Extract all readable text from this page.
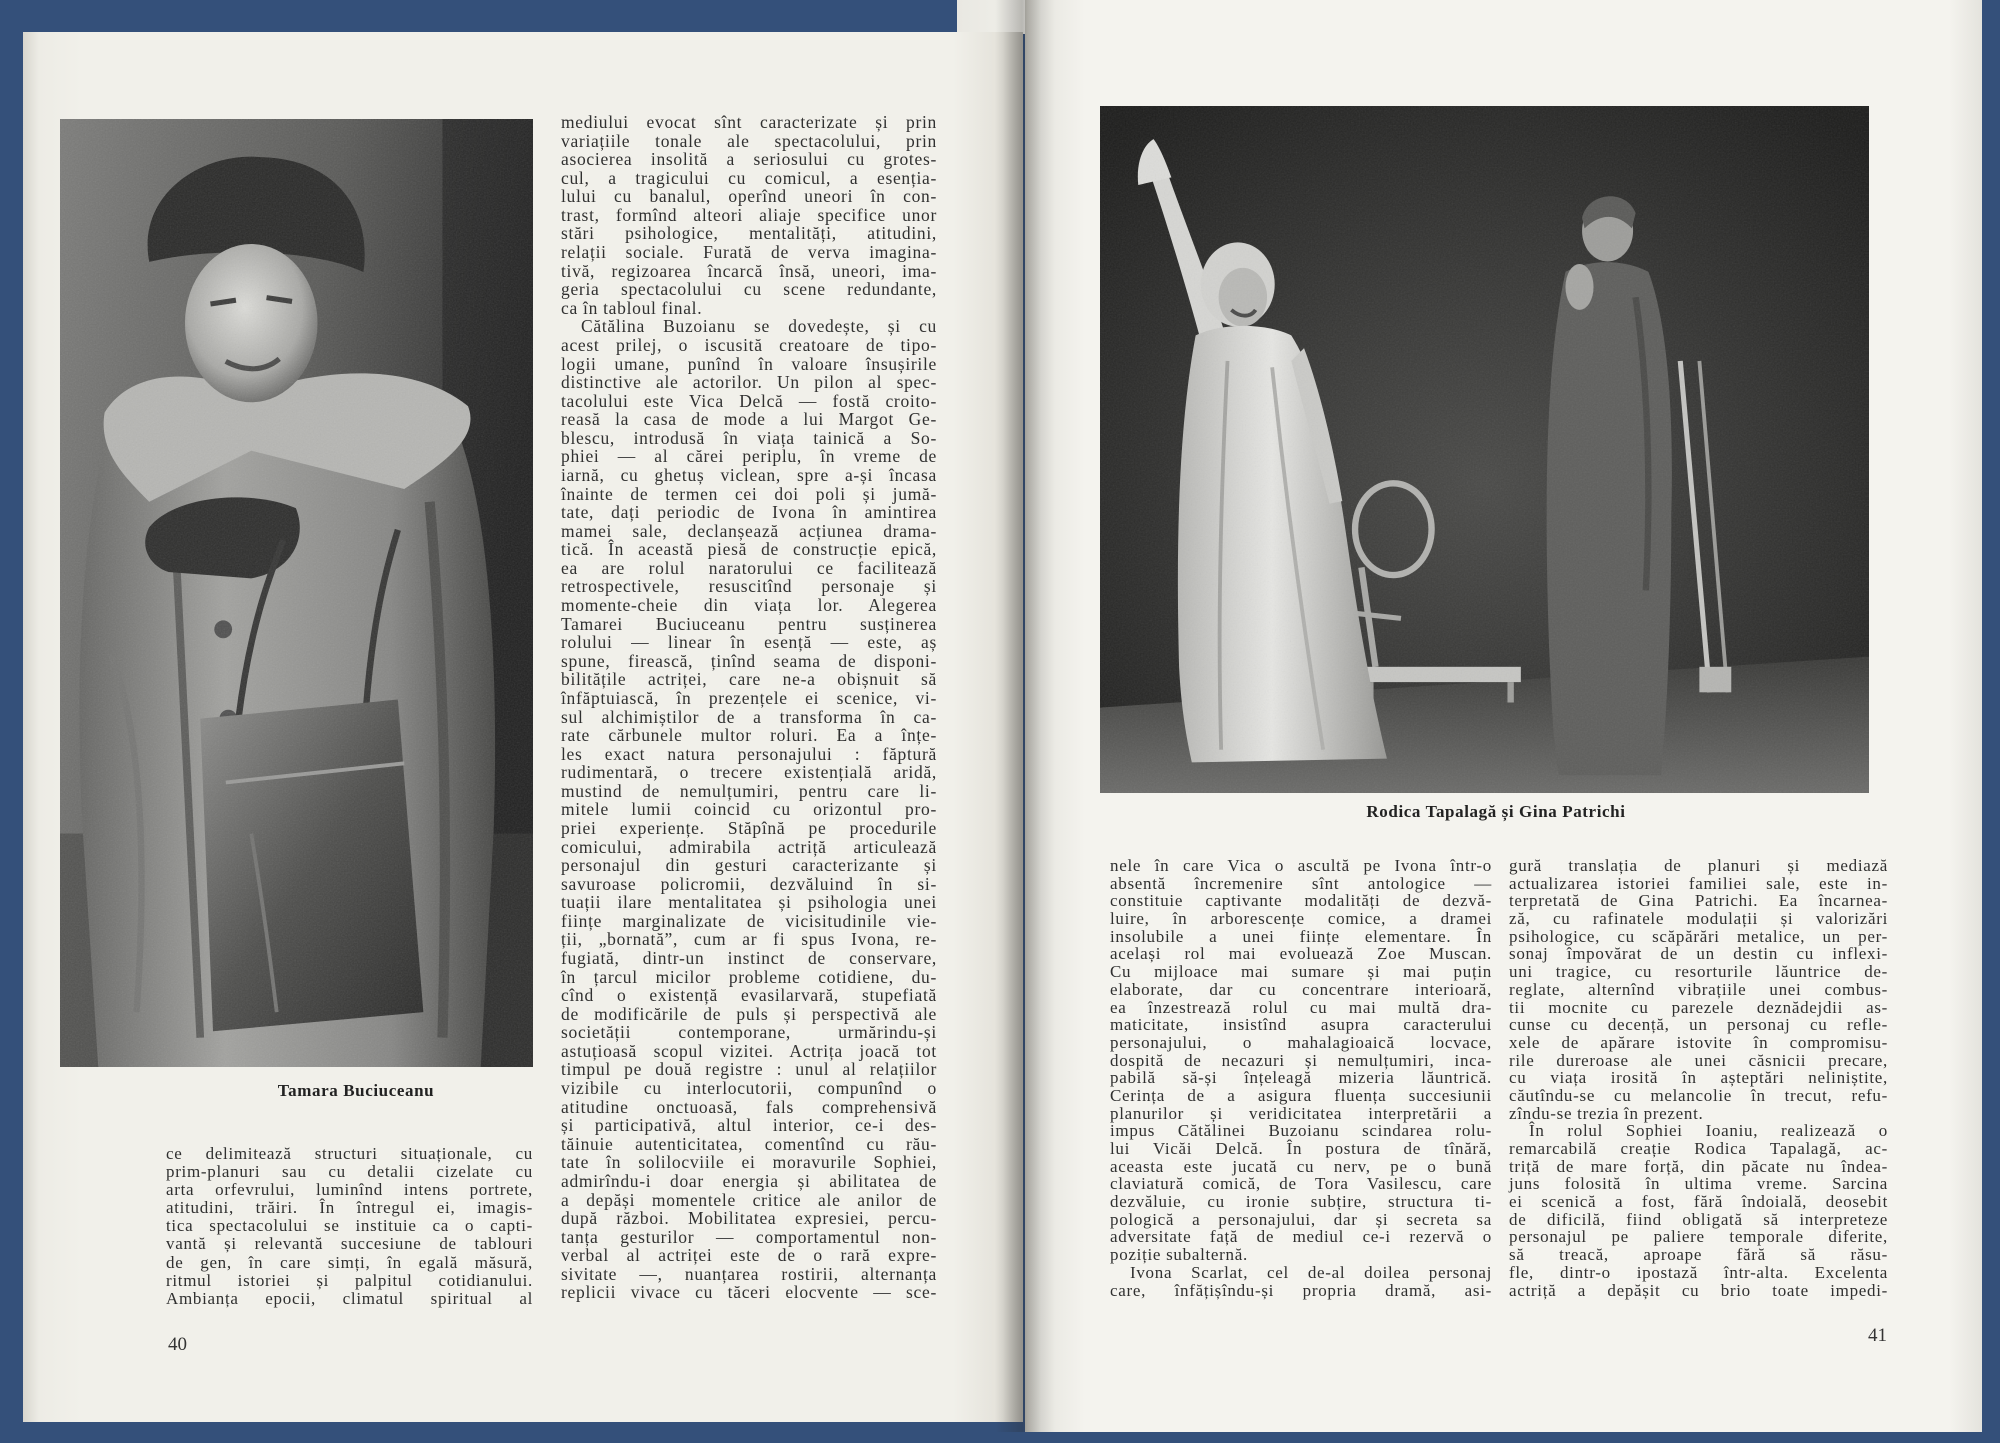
Tamara Buciuceanu
ce delimitează structuri situaționale, cu
prim-planuri sau cu detalii cizelate cu
arta orfevrului, luminînd intens portrete,
atitudini, trăiri. În întregul ei, imagis-
tica spectacolului se instituie ca o capti-
vantă și relevantă succesiune de tablouri
de gen, în care simți, în egală măsură,
ritmul istoriei și palpitul cotidianului.
Ambianța epocii, climatul spiritual al
mediului evocat sînt caracterizate și prin
variațiile tonale ale spectacolului, prin
asocierea insolită a seriosului cu grotes-
cul, a tragicului cu comicul, a esenția-
lului cu banalul, operînd uneori în con-
trast, formînd alteori aliaje specifice unor
stări psihologice, mentalități, atitudini,
relații sociale. Furată de verva imagina-
tivă, regizoarea încarcă însă, uneori, ima-
geria spectacolului cu scene redundante,
ca în tabloul final.
Cătălina Buzoianu se dovedește, și cu
acest prilej, o iscusită creatoare de tipo-
logii umane, punînd în valoare însușirile
distinctive ale actorilor. Un pilon al spec-
tacolului este Vica Delcă — fostă croito-
reasă la casa de mode a lui Margot Ge-
blescu, introdusă în viața tainică a So-
phiei — al cărei periplu, în vreme de
iarnă, cu ghetuș viclean, spre a-și încasa
înainte de termen cei doi poli și jumă-
tate, dați periodic de Ivona în amintirea
mamei sale, declanșează acțiunea drama-
tică. În această piesă de construcție epică,
ea are rolul naratorului ce facilitează
retrospectivele, resuscitînd personaje și
momente-cheie din viața lor. Alegerea
Tamarei Buciuceanu pentru susținerea
rolului — linear în esență — este, aș
spune, firească, ținînd seama de disponi-
bilitățile actriței, care ne-a obișnuit să
înfăptuiască, în prezențele ei scenice, vi-
sul alchimiștilor de a transforma în ca-
rate cărbunele multor roluri. Ea a înțe-
les exact natura personajului : făptură
rudimentară, o trecere existențială aridă,
mustind de nemulțumiri, pentru care li-
mitele lumii coincid cu orizontul pro-
priei experiențe. Stăpînă pe procedurile
comicului, admirabila actriță articulează
personajul din gesturi caracterizante și
savuroase policromii, dezvăluind în si-
tuații ilare mentalitatea și psihologia unei
ființe marginalizate de vicisitudinile vie-
ții, „bornată”, cum ar fi spus Ivona, re-
fugiată, dintr-un instinct de conservare,
în țarcul micilor probleme cotidiene, du-
cînd o existență evasilarvară, stupefiată
de modificările de puls și perspectivă ale
societății contemporane, urmărindu-și
astuțioasă scopul vizitei. Actrița joacă tot
timpul pe două registre : unul al relațiilor
vizibile cu interlocutorii, compunînd o
atitudine onctuoasă, fals comprehensivă
și participativă, altul interior, ce-i des-
tăinuie autenticitatea, comentînd cu rău-
tate în solilocviile ei moravurile Sophiei,
admirîndu-i doar energia și abilitatea de
a depăși momentele critice ale anilor de
după război. Mobilitatea expresiei, percu-
tanța gesturilor — comportamentul non-
verbal al actriței este de o rară expre-
sivitate —, nuanțarea rostirii, alternanța
replicii vivace cu tăceri elocvente — sce-
40
Rodica Tapalagă și Gina Patrichi
nele în care Vica o ascultă pe Ivona într-o
absentă încremenire sînt antologice —
constituie captivante modalități de dezvă-
luire, în arborescențe comice, a dramei
insolubile a unei ființe elementare. În
același rol mai evoluează Zoe Muscan.
Cu mijloace mai sumare și mai puțin
elaborate, dar cu concentrare interioară,
ea înzestrează rolul cu mai multă dra-
maticitate, insistînd asupra caracterului
personajului, o mahalagioaică locvace,
dospită de necazuri și nemulțumiri, inca-
pabilă să-și înțeleagă mizeria lăuntrică.
Cerința de a asigura fluența succesiunii
planurilor și veridicitatea interpretării a
impus Cătălinei Buzoianu scindarea rolu-
lui Vicăi Delcă. În postura de tînără,
aceasta este jucată cu nerv, pe o bună
claviatură comică, de Tora Vasilescu, care
dezvăluie, cu ironie subțire, structura ti-
pologică a personajului, dar și secreta sa
adversitate față de mediul ce-i rezervă o
poziție subalternă.
Ivona Scarlat, cel de-al doilea personaj
care, înfățișîndu-și propria dramă, asi-
gură translația de planuri și mediază
actualizarea istoriei familiei sale, este in-
terpretată de Gina Patrichi. Ea încarnea-
ză, cu rafinatele modulații și valorizări
psihologice, cu scăpărări metalice, un per-
sonaj împovărat de un destin cu inflexi-
uni tragice, cu resorturile lăuntrice de-
reglate, alternînd vibrațiile unei combus-
tii mocnite cu parezele deznădejdii as-
cunse cu decență, un personaj cu refle-
xele de apărare istovite în compromisu-
rile dureroase ale unei căsnicii precare,
cu viața irosită în așteptări neliniștite,
căutîndu-se cu melancolie în trecut, refu-
zîndu-se trezia în prezent.
În rolul Sophiei Ioaniu, realizează o
remarcabilă creație Rodica Tapalagă, ac-
triță de mare forță, din păcate nu îndea-
juns folosită în ultima vreme. Sarcina
ei scenică a fost, fără îndoială, deosebit
de dificilă, fiind obligată să interpreteze
personajul pe paliere temporale diferite,
să treacă, aproape fără să răsu-
fle, dintr-o ipostază într-alta. Excelenta
actriță a depășit cu brio toate impedi-
41
